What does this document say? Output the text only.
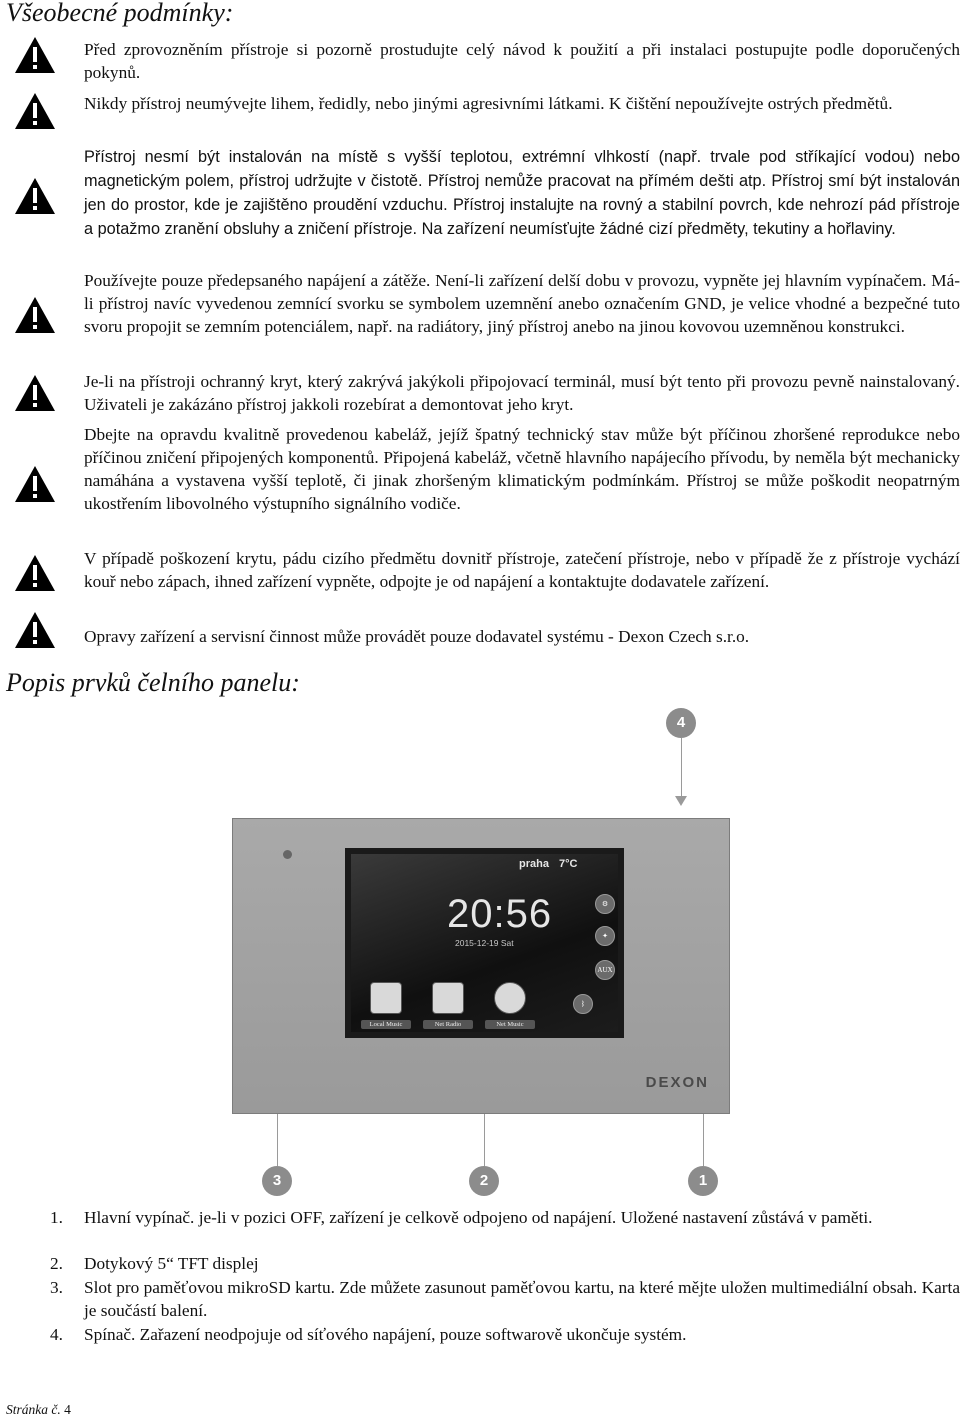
Všeobecné podmínky:

Před zprovozněním přístroje si pozorně prostudujte celý návod k použití a při instalaci postupujte podle doporučených pokynů.

Nikdy přístroj neumývejte lihem, ředidly, nebo jinými agresivními látkami. K čištění nepoužívejte ostrých předmětů.

Přístroj nesmí být instalován na místě s vyšší teplotou, extrémní vlhkostí (např. trvale pod stříkající vodou) nebo magnetickým polem, přístroj udržujte v čistotě. Přístroj nemůže pracovat na přímém dešti atp. Přístroj smí být instalován jen do prostor, kde je zajištěno proudění vzduchu. Přístroj instalujte na rovný a stabilní povrch, kde nehrozí pád přístroje a potažmo zranění obsluhy a zničení přístroje. Na zařízení neumísťujte žádné cizí předměty, tekutiny a hořlaviny.

Používejte pouze předepsaného napájení a zátěže. Není-li zařízení delší dobu v provozu, vypněte jej hlavním vypínačem. Má-li přístroj navíc vyvedenou zemnící svorku se symbolem uzemnění anebo označením GND, je velice vhodné a bezpečné tuto svoru propojit se zemním potenciálem, např. na radiátory, jiný přístroj anebo na jinou kovovou uzemněnou konstrukci.

Je-li na přístroji ochranný kryt, který zakrývá jakýkoli připojovací terminál, musí být tento při provozu pevně nainstalovaný. Uživateli je zakázáno přístroj jakkoli rozebírat a demontovat jeho kryt.

Dbejte na opravdu kvalitně provedenou kabeláž, jejíž špatný technický stav může být příčinou zhoršené reprodukce nebo příčinou zničení připojených komponentů. Připojená kabeláž, včetně hlavního napájecího přívodu, by neměla být mechanicky namáhána a vystavena vyšší teplotě, či jinak zhoršeným klimatickým podmínkám. Přístroj se může poškodit neopatrným ukostřením libovolného výstupního signálního vodiče.

V případě poškození krytu, pádu cizího předmětu dovnitř přístroje, zatečení přístroje, nebo v případě že z přístroje vychází kouř nebo zápach, ihned zařízení vypněte, odpojte je od napájení a kontaktujte dodavatele zařízení.

Opravy zařízení a servisní činnost může provádět pouze dodavatel systému - Dexon Czech s.r.o.

Popis prvků čelního panelu:
4
praha 7°C
20:56
2015-12-19 Sat
Local Music	Net Radio	Net Music
⚙
✦
AUX
ᛒ
DEXON
3	2	1
1.	Hlavní vypínač. je-li v pozici OFF, zařízení je celkově odpojeno od napájení. Uložené nastavení zůstává v paměti.
2.	Dotykový 5“ TFT displej
3.	Slot pro paměťovou mikroSD kartu. Zde můžete zasunout paměťovou kartu, na které mějte uložen multimediální obsah. Karta je součástí balení.
4.	Spínač. Zařazení neodpojuje od síťového napájení, pouze softwarově ukončuje systém.
Stránka č. 4
